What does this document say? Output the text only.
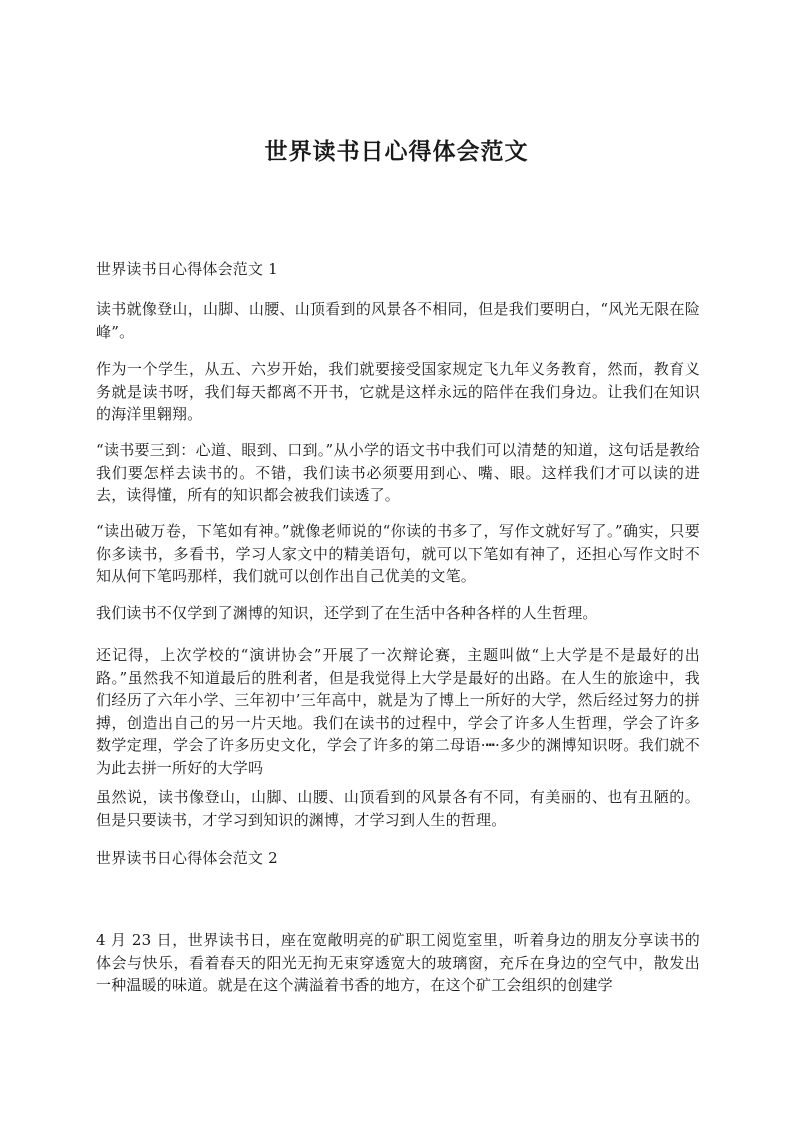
世界读书日心得体会范文

世界读书日心得体会范文 1

读书就像登山，山脚、山腰、山顶看到的风景各不相同，但是我们要明白，“风光无限在险峰”。

作为一个学生，从五、六岁开始，我们就要接受国家规定飞九年义务教育，然而，教育义务就是读书呀，我们每天都离不开书，它就是这样永远的陪伴在我们身边。让我们在知识的海洋里翱翔。

“读书要三到：心道、眼到、口到。”从小学的语文书中我们可以清楚的知道，这句话是教给我们要怎样去读书的。不错，我们读书必须要用到心、嘴、眼。这样我们才可以读的进去，读得懂，所有的知识都会被我们读透了。

“读出破万卷，下笔如有神。”就像老师说的“你读的书多了，写作文就好写了。”确实，只要你多读书，多看书，学习人家文中的精美语句，就可以下笔如有神了，还担心写作文时不知从何下笔吗那样，我们就可以创作出自己优美的文笔。

我们读书不仅学到了渊博的知识，还学到了在生活中各种各样的人生哲理。

还记得，上次学校的“演讲协会”开展了一次辩论赛，主题叫做“上大学是不是最好的出路。”虽然我不知道最后的胜利者，但是我觉得上大学是最好的出路。在人生的旅途中，我们经历了六年小学、三年初中’三年高中，就是为了博上一所好的大学，然后经过努力的拼搏，创造出自己的另一片天地。我们在读书的过程中，学会了许多人生哲理，学会了许多数学定理，学会了许多历史文化，学会了许多的第二母语·┅·多少的渊博知识呀。我们就不为此去拼一所好的大学吗

虽然说，读书像登山，山脚、山腰、山顶看到的风景各有不同，有美丽的、也有丑陋的。但是只要读书，才学习到知识的渊博，才学习到人生的哲理。

世界读书日心得体会范文 2

4 月 23 日，世界读书日，座在宽敞明亮的矿职工阅览室里，听着身边的朋友分享读书的体会与快乐，看着春天的阳光无拘无束穿透宽大的玻璃窗，充斥在身边的空气中，散发出一种温暖的味道。就是在这个满溢着书香的地方，在这个矿工会组织的创建学
